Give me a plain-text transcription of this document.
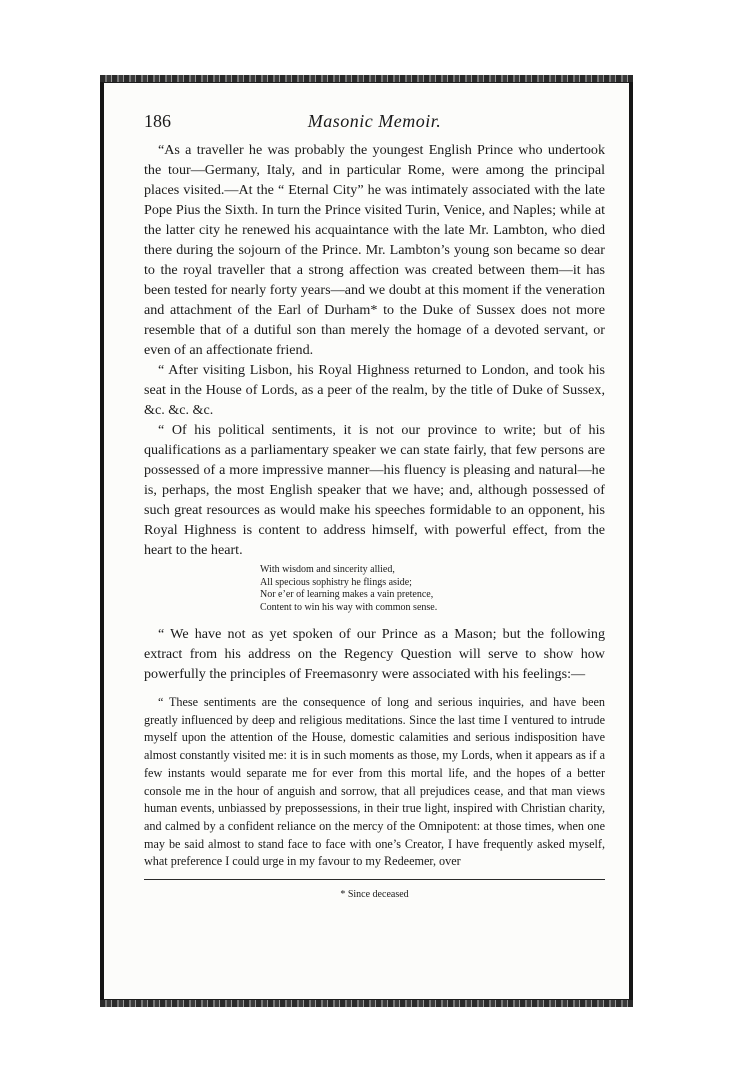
186	Masonic Memoir.

“As a traveller he was probably the youngest English Prince who undertook the tour—Germany, Italy, and in particular Rome, were among the principal places visited.—At the “ Eternal City” he was intimately associated with the late Pope Pius the Sixth. In turn the Prince visited Turin, Venice, and Naples; while at the latter city he renewed his acquaintance with the late Mr. Lambton, who died there during the sojourn of the Prince. Mr. Lambton’s young son became so dear to the royal traveller that a strong affection was created between them—it has been tested for nearly forty years—and we doubt at this moment if the veneration and attachment of the Earl of Durham* to the Duke of Sussex does not more resemble that of a dutiful son than merely the homage of a devoted servant, or even of an affectionate friend.

“ After visiting Lisbon, his Royal Highness returned to London, and took his seat in the House of Lords, as a peer of the realm, by the title of Duke of Sussex, &c. &c. &c.

“ Of his political sentiments, it is not our province to write; but of his qualifications as a parliamentary speaker we can state fairly, that few persons are possessed of a more impressive manner—his fluency is pleasing and natural—he is, perhaps, the most English speaker that we have; and, although possessed of such great resources as would make his speeches formidable to an opponent, his Royal Highness is content to address himself, with powerful effect, from the heart to the heart.

With wisdom and sincerity allied,
All specious sophistry he flings aside;
Nor e’er of learning makes a vain pretence,
Content to win his way with common sense.

“ We have not as yet spoken of our Prince as a Mason; but the following extract from his address on the Regency Question will serve to show how powerfully the principles of Freemasonry were associated with his feelings:—

“ These sentiments are the consequence of long and serious inquiries, and have been greatly influenced by deep and religious meditations. Since the last time I ventured to intrude myself upon the attention of the House, domestic calamities and serious indisposition have almost constantly visited me: it is in such moments as those, my Lords, when it appears as if a few instants would separate me for ever from this mortal life, and the hopes of a better console me in the hour of anguish and sorrow, that all prejudices cease, and that man views human events, unbiassed by prepossessions, in their true light, inspired with Christian charity, and calmed by a confident reliance on the mercy of the Omnipotent: at those times, when one may be said almost to stand face to face with one’s Creator, I have frequently asked myself, what preference I could urge in my favour to my Redeemer, over

* Since deceased
